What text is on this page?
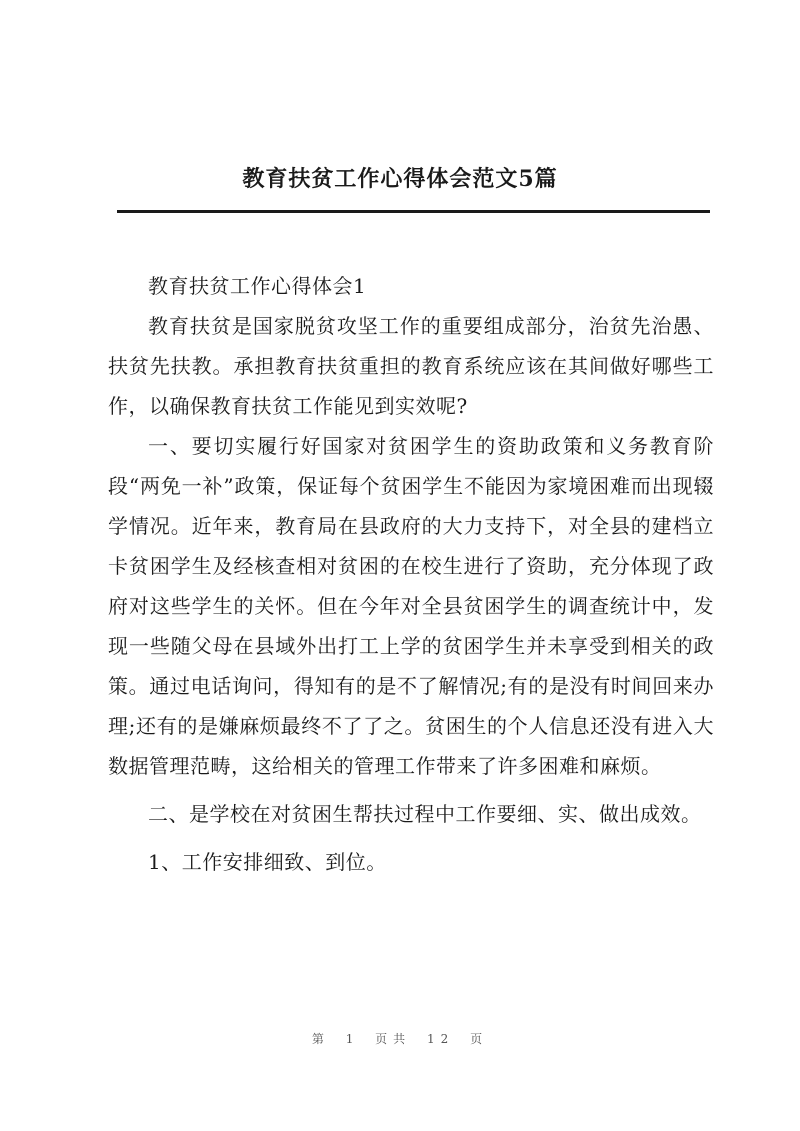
教育扶贫工作心得体会范文5篇

教育扶贫工作心得体会1

教育扶贫是国家脱贫攻坚工作的重要组成部分，治贫先治愚、扶贫先扶教。承担教育扶贫重担的教育系统应该在其间做好哪些工作，以确保教育扶贫工作能见到实效呢?

一、要切实履行好国家对贫困学生的资助政策和义务教育阶段“两免一补”政策，保证每个贫困学生不能因为家境困难而出现辍学情况。近年来，教育局在县政府的大力支持下，对全县的建档立卡贫困学生及经核查相对贫困的在校生进行了资助，充分体现了政府对这些学生的关怀。但在今年对全县贫困学生的调查统计中，发现一些随父母在县域外出打工上学的贫困学生并未享受到相关的政策。通过电话询问，得知有的是不了解情况;有的是没有时间回来办理;还有的是嫌麻烦最终不了了之。贫困生的个人信息还没有进入大数据管理范畴，这给相关的管理工作带来了许多困难和麻烦。

二、是学校在对贫困生帮扶过程中工作要细、实、做出成效。

1、工作安排细致、到位。

第 1 页共 12 页
